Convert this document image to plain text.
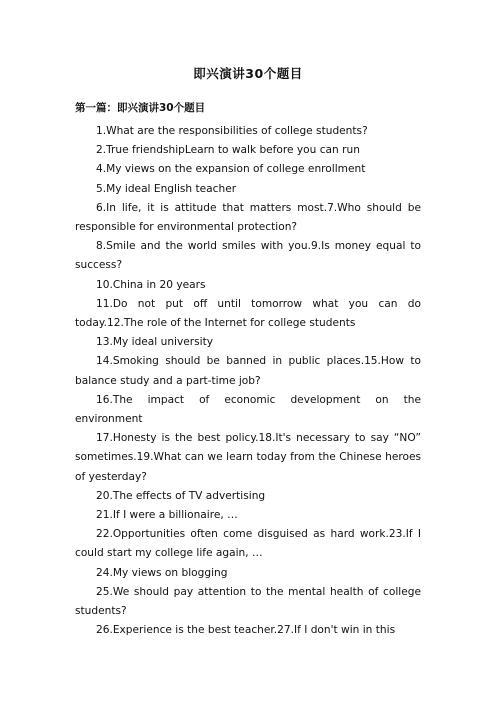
即兴演讲30个题目
第一篇：即兴演讲30个题目

1.What are the responsibilities of college students?

2.True friendshipLearn to walk before you can run

4.My views on the expansion of college enrollment

5.My ideal English teacher

6.In life, it is attitude that matters most.7.Who should be responsible for environmental protection?

8.Smile and the world smiles with you.9.Is money equal to success?

10.China in 20 years

11.Do not put off until tomorrow what you can do today.12.The role of the Internet for college students

13.My ideal university

14.Smoking should be banned in public places.15.How to balance study and a part-time job?

16.The impact of economic development on the environment

17.Honesty is the best policy.18.It's necessary to say “NO” sometimes.19.What can we learn today from the Chinese heroes of yesterday?

20.The effects of TV advertising

21.If I were a billionaire, …

22.Opportunities often come disguised as hard work.23.If I could start my college life again, …

24.My views on blogging

25.We should pay attention to the mental health of college students?

26.Experience is the best teacher.27.If I don't win in this
